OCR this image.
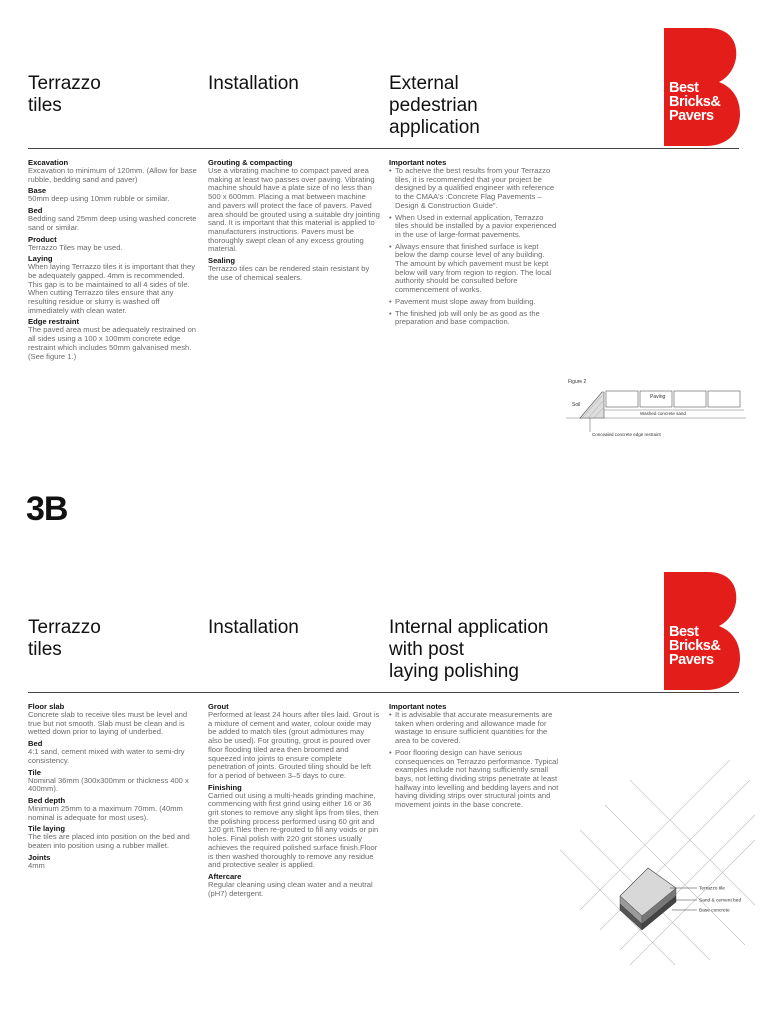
Best
Bricks&
Pavers
Terrazzo
tiles
Installation	External
pedestrian
application
Excavation

Excavation to minimum of 120mm. (Allow for base rubble, bedding sand and paver)

Base

50mm deep using 10mm rubble or similar.

Bed

Bedding sand 25mm deep using washed concrete sand or similar.

Product

Terrazzo Tiles may be used.

Laying

When laying Terrazzo tiles it is important that they be adequately gapped. 4mm is recommended. This gap is to be maintained to all 4 sides of tile. When cutting Terrazzo tiles ensure that any resulting residue or slurry is washed off immediately with clean water.

Edge restraint

The paved area must be adequately restrained on all sides using a 100 x 100mm concrete edge restraint which includes 50mm galvanised mesh. (See figure 1.)

Grouting & compacting

Use a vibrating machine to compact paved area making at least two passes over paving. Vibrating machine should have a plate size of no less than 500 x 600mm. Placing a mat between machine and pavers will protect the face of pavers. Paved area should be grouted using a suitable dry jointing sand. It is important that this material is applied to manufacturers instructions. Pavers must be thoroughly swept clean of any excess grouting material.

Sealing

Terrazzo tiles can be rendered stain resistant by the use of chemical sealers.

Important notes
• To acheive the best results from your Terrazzo tiles, it is recommended that your project be designed by a qualified engineer with reference to the CMAA's :Concrete Flag Pavements – Design & Construction Guide".
• When Used in external application, Terrazzo tiles should be installed by a pavior experienced in the use of large-format pavements.
• Always ensure that finished surface is kept below the damp course level of any building. The amount by which pavement must be kept below will vary from region to region. The local authority should be consulted before commencement of works.
• Pavement must slope away from building.
• The finished job will only be as good as the preparation and base compaction.
Figure 2
Soil
Paving
Washed concrete sand
Concealed concrete edge restraint
3B
Best
Bricks&
Pavers
Terrazzo
tiles
Installation	Internal application
with post
laying polishing
Floor slab

Concrete slab to receive tiles must be level and true but not smooth. Slab must be clean and is wetted down prior to laying of underbed.

Bed

4:1 sand, cement mixed with water to semi-dry consistency.

Tile

Nominal 36mm (300x300mm or thickness 400 x 400mm).

Bed depth

Minimum 25mm to a maximum 70mm. (40mm nominal is adequate for most uses).

Tile laying

The tiles are placed into position on the bed and beaten into position using a rubber mallet.

Joints

4mm

Grout

Performed at least 24 hours after tiles laid. Grout is a mixture of cement and water, colour oxide may be added to match tiles (grout admixtures may also be used). For grouting, grout is poured over floor flooding tiled area then broomed and squeezed into joints to ensure complete penetration of joints. Grouted tiling should be left for a period of between 3–5 days to cure.

Finishing

Carried out using a multi-heads grinding machine, commencing with first grind using either 16 or 36 grit stones to remove any slight lips from tiles, then the polishing process performed using 60 grit and 120 grit.Tiles then re-grouted to fill any voids or pin holes. Final polish with 220 grit stones usually achieves the required polished surface finish.Floor is then washed thoroughly to remove any residue and protective sealer is applied.

Aftercare

Regular cleaning using clean water and a neutral (pH7) detergent.

Important notes
• It is advisable that accurate measurements are taken when ordering and allowance made for wastage to ensure sufficient quantities for the area to be covered.
• Poor flooring design can have serious consequences on Terrazzo performance. Typical examples include not having sufficiently small bays, not letting dividing strips penetrate at least halfway into levelling and bedding layers and not having dividing strips over structural joints and movement joints in the base concrete.
Terrazzo tile
Sand & cement bed
Base concrete
